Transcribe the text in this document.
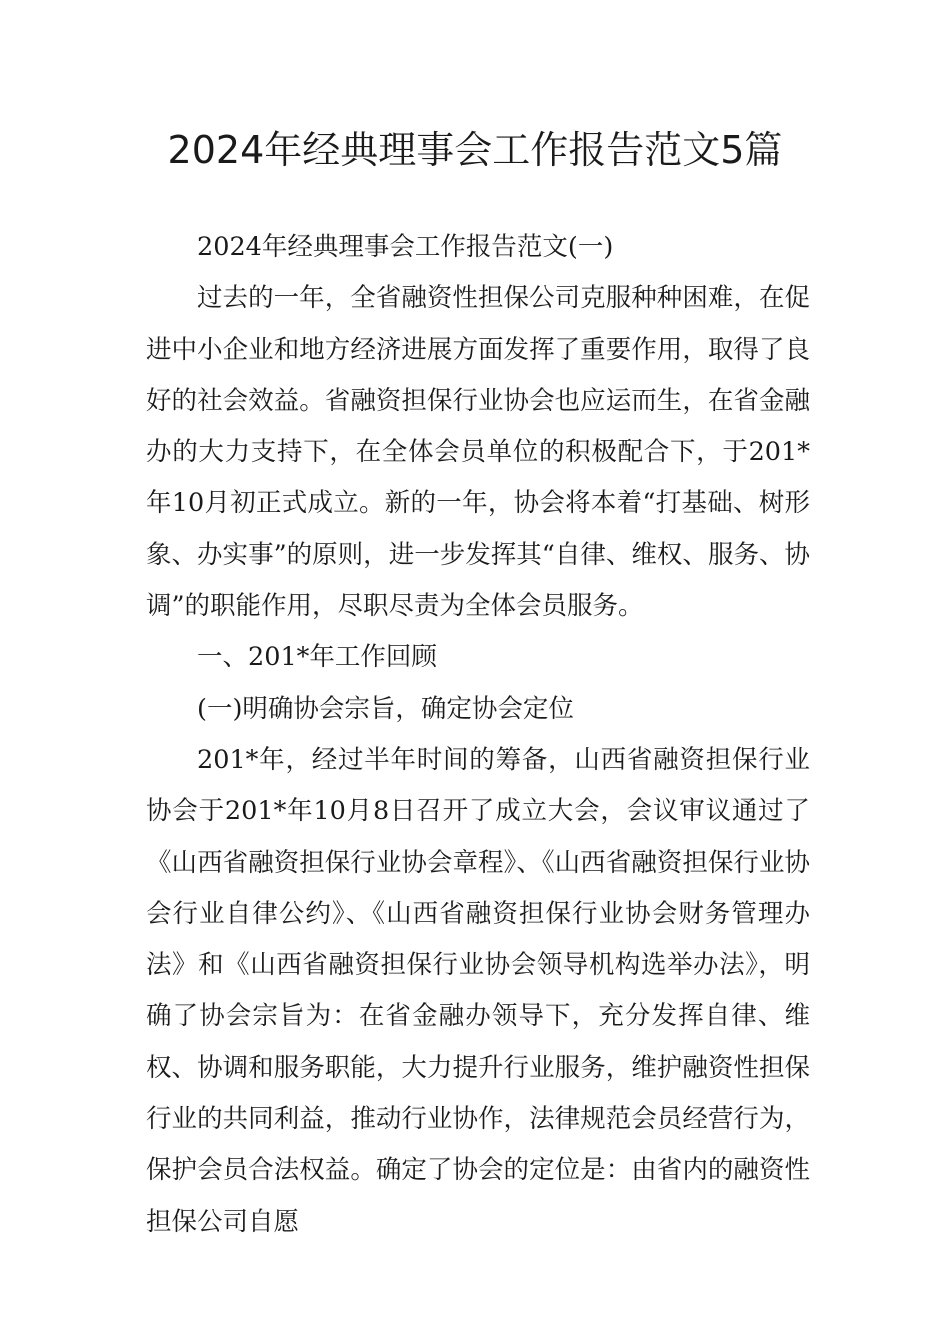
2024年经典理事会工作报告范文5篇

2024年经典理事会工作报告范文(一)

过去的一年，全省融资性担保公司克服种种困难，在促进中小企业和地方经济进展方面发挥了重要作用，取得了良好的社会效益。省融资担保行业协会也应运而生，在省金融办的大力支持下，在全体会员单位的积极配合下，于201*年10月初正式成立。新的一年，协会将本着“打基础、树形象、办实事”的原则，进一步发挥其“自律、维权、服务、协调”的职能作用，尽职尽责为全体会员服务。

一、201*年工作回顾

(一)明确协会宗旨，确定协会定位

201*年，经过半年时间的筹备，山西省融资担保行业协会于201*年10月8日召开了成立大会，会议审议通过了《山西省融资担保行业协会章程》、《山西省融资担保行业协会行业自律公约》、《山西省融资担保行业协会财务管理办法》和《山西省融资担保行业协会领导机构选举办法》，明确了协会宗旨为：在省金融办领导下，充分发挥自律、维权、协调和服务职能，大力提升行业服务，维护融资性担保行业的共同利益，推动行业协作，法律规范会员经营行为，保护会员合法权益。确定了协会的定位是：由省内的融资性担保公司自愿
